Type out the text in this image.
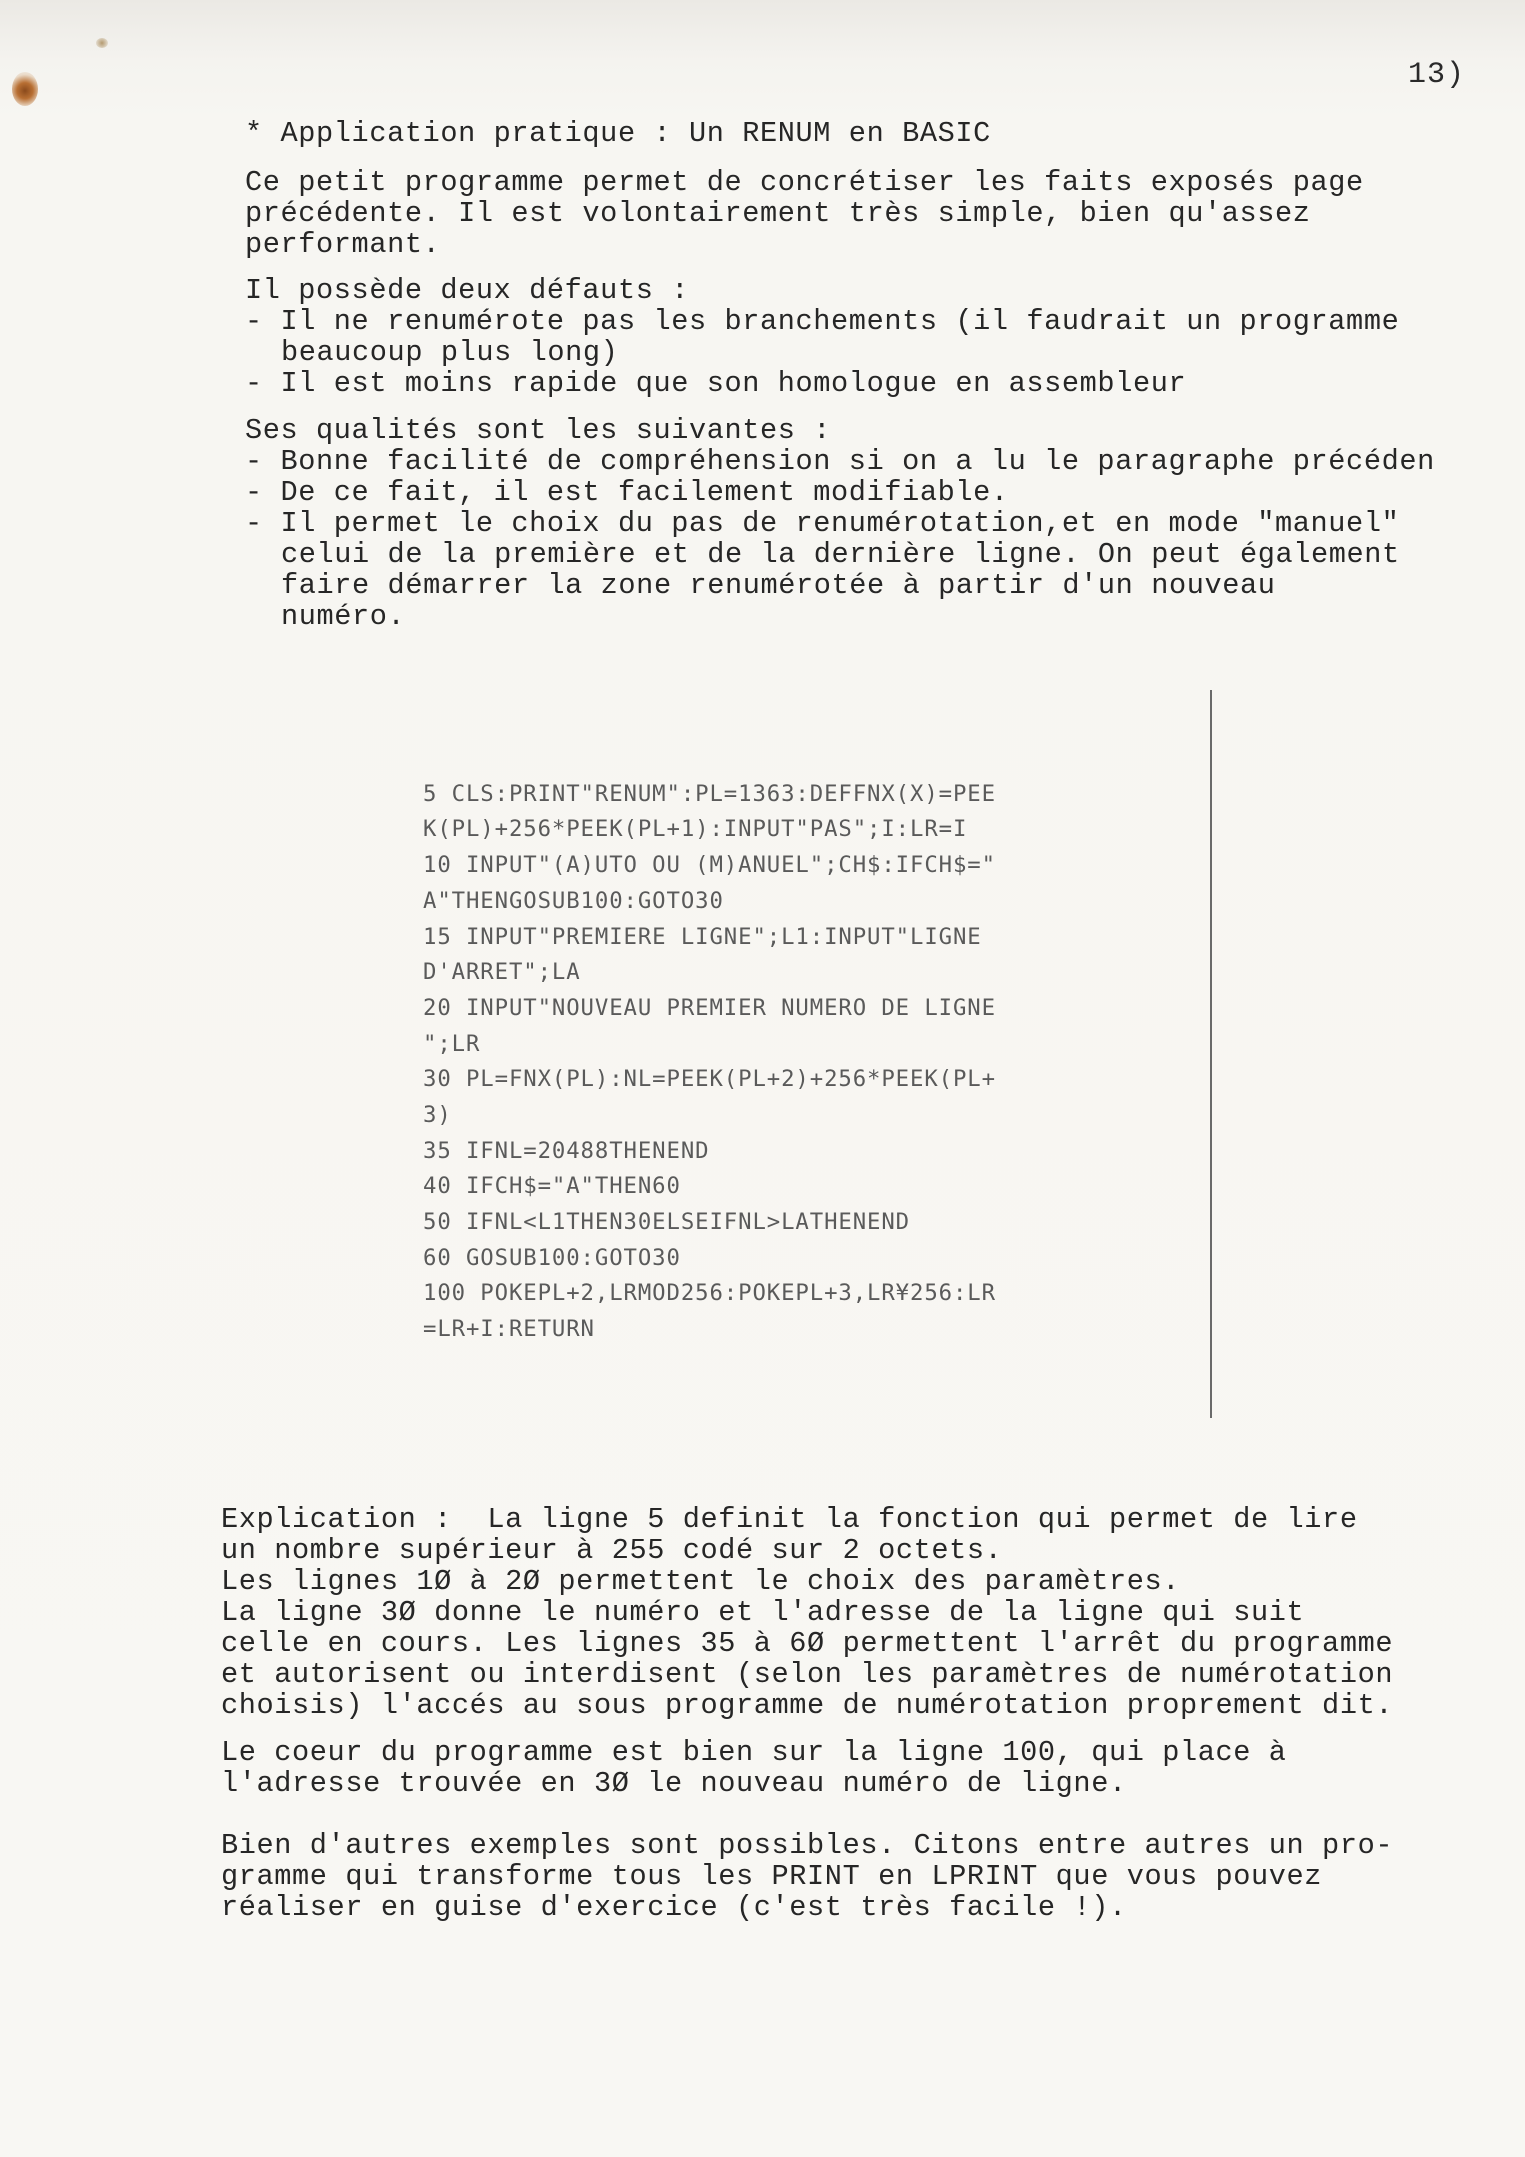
13)

* Application pratique : Un RENUM en BASIC

Ce petit programme permet de concrétiser les faits exposés page

précédente. Il est volontairement très simple, bien qu'assez

performant.

Il possède deux défauts :

- Il ne renumérote pas les branchements (il faudrait un programme

beaucoup plus long)

- Il est moins rapide que son homologue en assembleur

Ses qualités sont les suivantes :

- Bonne facilité de compréhension si on a lu le paragraphe précéden

- De ce fait, il est facilement modifiable.

- Il permet le choix du pas de renumérotation,et en mode "manuel"

celui de la première et de la dernière ligne. On peut également

faire démarrer la zone renumérotée à partir d'un nouveau

numéro.

5 CLS:PRINT"RENUM":PL=1363:DEFFNX(X)=PEE

K(PL)+256*PEEK(PL+1):INPUT"PAS";I:LR=I

10 INPUT"(A)UTO OU (M)ANUEL";CH$:IFCH$="

A"THENGOSUB100:GOTO30

15 INPUT"PREMIERE LIGNE";L1:INPUT"LIGNE

D'ARRET";LA

20 INPUT"NOUVEAU PREMIER NUMERO DE LIGNE

";LR

30 PL=FNX(PL):NL=PEEK(PL+2)+256*PEEK(PL+

3)

35 IFNL=20488THENEND

40 IFCH$="A"THEN60

50 IFNL<L1THEN30ELSEIFNL>LATHENEND

60 GOSUB100:GOTO30

100 POKEPL+2,LRMOD256:POKEPL+3,LR¥256:LR

=LR+I:RETURN

Explication :  La ligne 5 definit la fonction qui permet de lire

un nombre supérieur à 255 codé sur 2 octets.

Les lignes 1Ø à 2Ø permettent le choix des paramètres.

La ligne 3Ø donne le numéro et l'adresse de la ligne qui suit

celle en cours. Les lignes 35 à 6Ø permettent l'arrêt du programme

et autorisent ou interdisent (selon les paramètres de numérotation

choisis) l'accés au sous programme de numérotation proprement dit.

Le coeur du programme est bien sur la ligne 100, qui place à

l'adresse trouvée en 3Ø le nouveau numéro de ligne.

Bien d'autres exemples sont possibles. Citons entre autres un pro-

gramme qui transforme tous les PRINT en LPRINT que vous pouvez

réaliser en guise d'exercice (c'est très facile !).
